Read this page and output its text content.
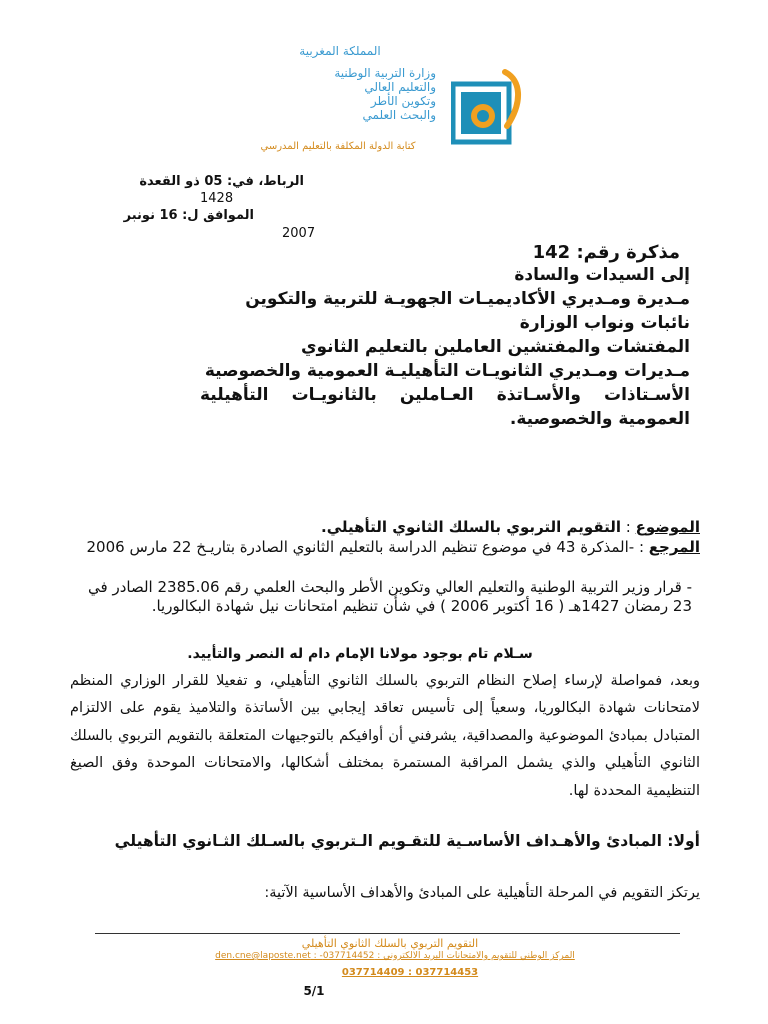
المملكة المغربية
وزارة التربية الوطنية
والتعليم العالي
وتكوين الأطر
والبحث العلمي
كتابة الدولة المكلفة بالتعليم المدرسي
الرباط، في: 05 ذو القعدة
1428
الموافق ل: 16 نونبر
2007
مذكرة رقم: 142
إلى السيدات والسادة
مـديرة ومـديري الأكاديميـات الجهويـة للتربية والتكوين
نائبات ونواب الوزارة
المفتشات والمفتشين العاملين بالتعليم الثانوي
مـديرات ومـديري الثانويـات التأهيليـة العمومية والخصوصية
الأسـتاذات والأسـاتذة العـاملين بالثانويـات التأهيلية العمومية والخصوصية.
الموضوع : التقويم التربوي بالسلك الثانوي التأهيلي.
المرجع : -المذكرة 43 في موضوع تنظيم الدراسة بالتعليم الثانوي الصادرة بتاريـخ 22 مارس 2006
- قرار وزير التربية الوطنية والتعليم العالي وتكوين الأطر والبحث العلمي رقم 2385.06 الصادر في 23 رمضان 1427هـ ( 16 أكتوبر 2006 ) في شأن تنظيم امتحانات نيل شهادة البكالوريا.
سـلام تام بوجود مولانا الإمام دام له النصر والتأييد.
وبعد، فمواصلة لإرساء إصلاح النظام التربوي بالسلك الثانوي التأهيلي، و تفعيلا للقرار الوزاري المنظم لامتحانات شهادة البكالوريا، وسعياً إلى تأسيس تعاقد إيجابي بين الأساتذة والتلاميذ يقوم على الالتزام المتبادل بمبادئ الموضوعية والمصداقية، يشرفني أن أوافيكم بالتوجيهات المتعلقة بالتقويم التربوي بالسلك الثانوي التأهيلي والذي يشمل المراقبة المستمرة بمختلف أشكالها، والامتحانات الموحدة وفق الصيغ التنظيمية المحددة لها.
أولا: المبادئ والأهـداف الأساسـية للتقـويم الـتربوي بالسـلك الثـانوي التأهيلي
يرتكز التقويم في المرحلة التأهيلية على المبادئ والأهداف الأساسية الآتية:
التقويم التربوي بالسلك الثانوي التأهيلي
المركز الوطني للتقويم والامتحانات البريد الالكتروني : 037714452- : den.cne@laposte.net
037714453 : 037714409
5/1
